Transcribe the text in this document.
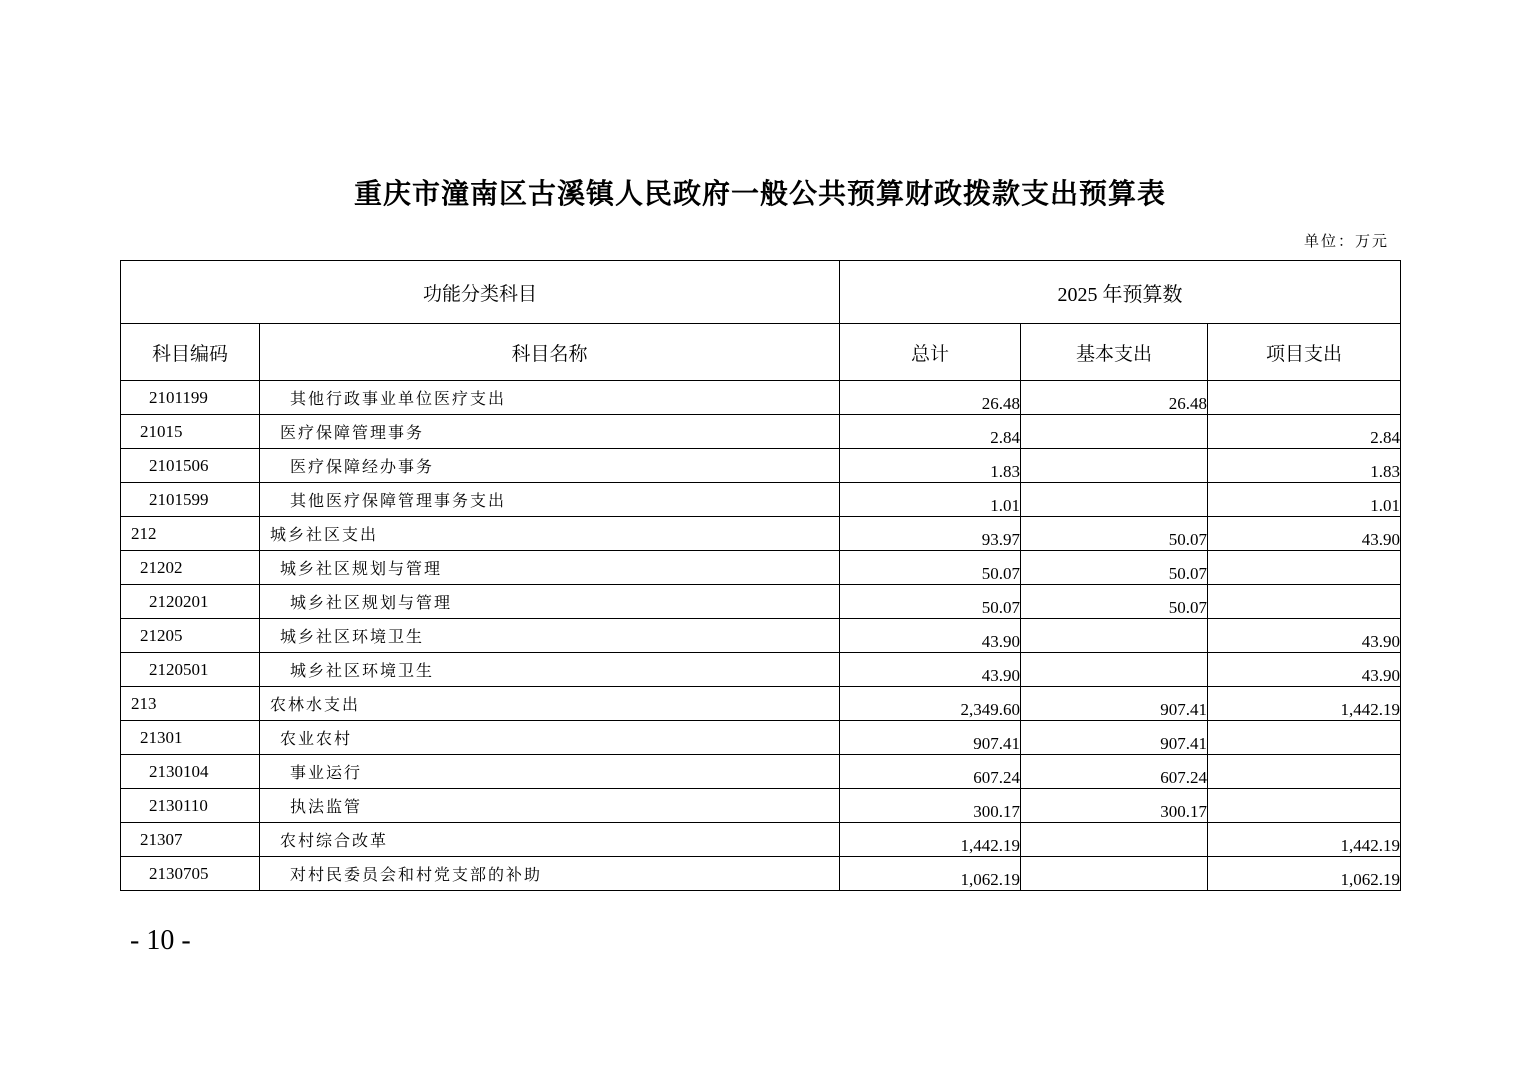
重庆市潼南区古溪镇人民政府一般公共预算财政拨款支出预算表
单位：万元
功能分类科目		2025 年预算数		
科目编码	科目名称	总计	基本支出	项目支出
2101199	其他行政事业单位医疗支出	26.48	26.48	
21015	医疗保障管理事务	2.84		2.84
2101506	医疗保障经办事务	1.83		1.83
2101599	其他医疗保障管理事务支出	1.01		1.01
212	城乡社区支出	93.97	50.07	43.90
21202	城乡社区规划与管理	50.07	50.07	
2120201	城乡社区规划与管理	50.07	50.07	
21205	城乡社区环境卫生	43.90		43.90
2120501	城乡社区环境卫生	43.90		43.90
213	农林水支出	2,349.60	907.41	1,442.19
21301	农业农村	907.41	907.41	
2130104	事业运行	607.24	607.24	
2130110	执法监管	300.17	300.17	
21307	农村综合改革	1,442.19		1,442.19
2130705	对村民委员会和村党支部的补助	1,062.19		1,062.19
- 10 -
